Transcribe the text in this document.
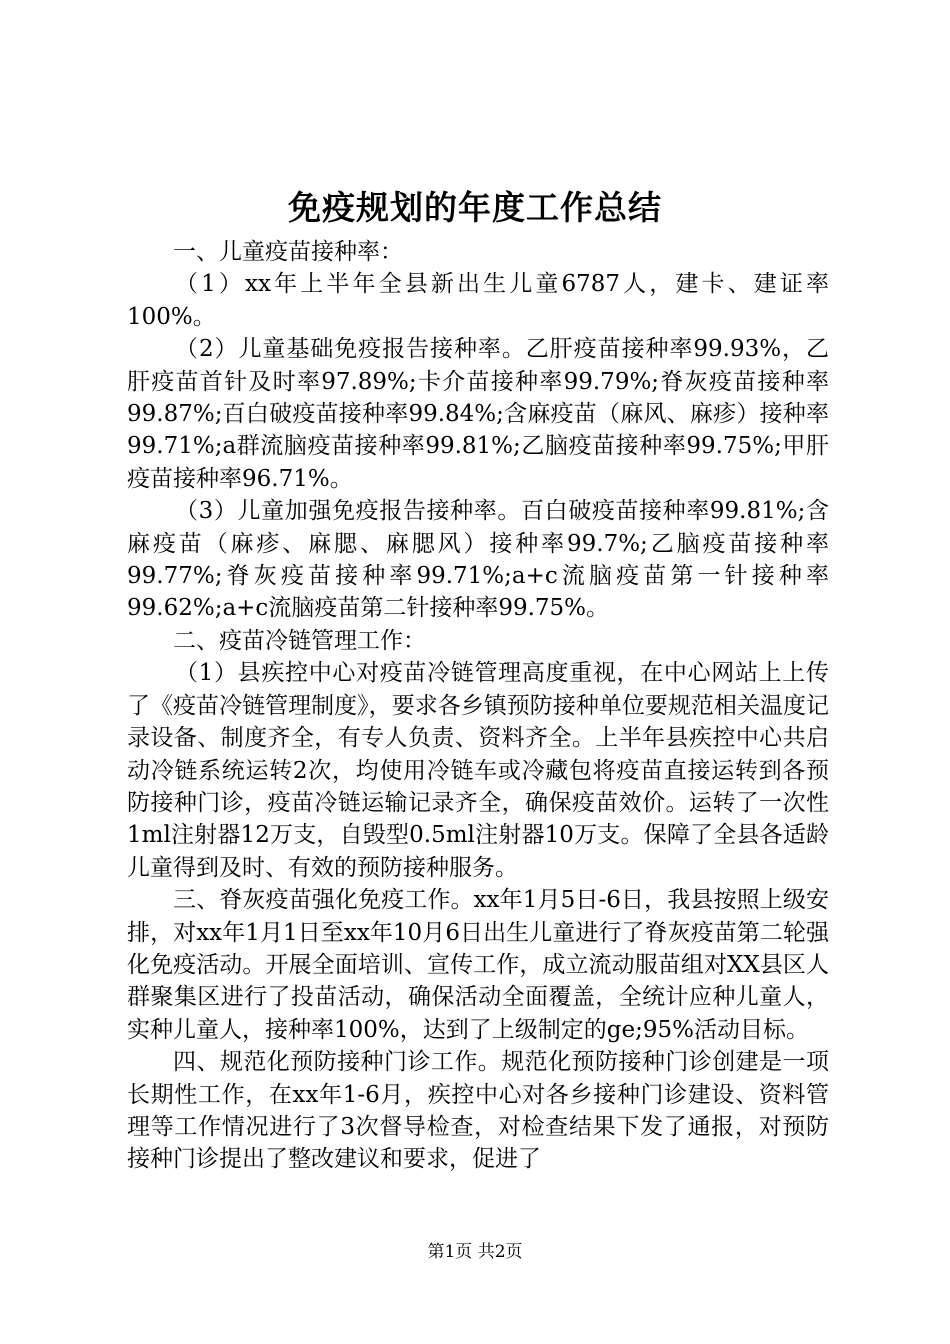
免疫规划的年度工作总结

一、儿童疫苗接种率：

（1）xx年上半年全县新出生儿童6787人，建卡、建证率100%。

（2）儿童基础免疫报告接种率。乙肝疫苗接种率99.93%，乙肝疫苗首针及时率97.89%;卡介苗接种率99.79%;脊灰疫苗接种率99.87%;百白破疫苗接种率99.84%;含麻疫苗（麻风、麻疹）接种率99.71%;a群流脑疫苗接种率99.81%;乙脑疫苗接种率99.75%;甲肝疫苗接种率96.71%。

（3）儿童加强免疫报告接种率。百白破疫苗接种率99.81%;含麻疫苗（麻疹、麻腮、麻腮风）接种率99.7%;乙脑疫苗接种率99.77%;脊灰疫苗接种率99.71%;a+c流脑疫苗第一针接种率99.62%;a+c流脑疫苗第二针接种率99.75%。

二、疫苗冷链管理工作：

（1）县疾控中心对疫苗冷链管理高度重视，在中心网站上上传了《疫苗冷链管理制度》，要求各乡镇预防接种单位要规范相关温度记录设备、制度齐全，有专人负责、资料齐全。上半年县疾控中心共启动冷链系统运转2次，均使用冷链车或冷藏包将疫苗直接运转到各预防接种门诊，疫苗冷链运输记录齐全，确保疫苗效价。运转了一次性1ml注射器12万支，自毁型0.5ml注射器10万支。保障了全县各适龄儿童得到及时、有效的预防接种服务。

三、脊灰疫苗强化免疫工作。xx年1月5日-6日，我县按照上级安排，对xx年1月1日至xx年10月6日出生儿童进行了脊灰疫苗第二轮强化免疫活动。开展全面培训、宣传工作，成立流动服苗组对XX县区人群聚集区进行了投苗活动，确保活动全面覆盖，全统计应种儿童人，实种儿童人，接种率100%，达到了上级制定的ge;95%活动目标。

四、规范化预防接种门诊工作。规范化预防接种门诊创建是一项长期性工作，在xx年1-6月，疾控中心对各乡接种门诊建设、资料管理等工作情况进行了3次督导检查，对检查结果下发了通报，对预防接种门诊提出了整改建议和要求，促进了

第1页 共2页
